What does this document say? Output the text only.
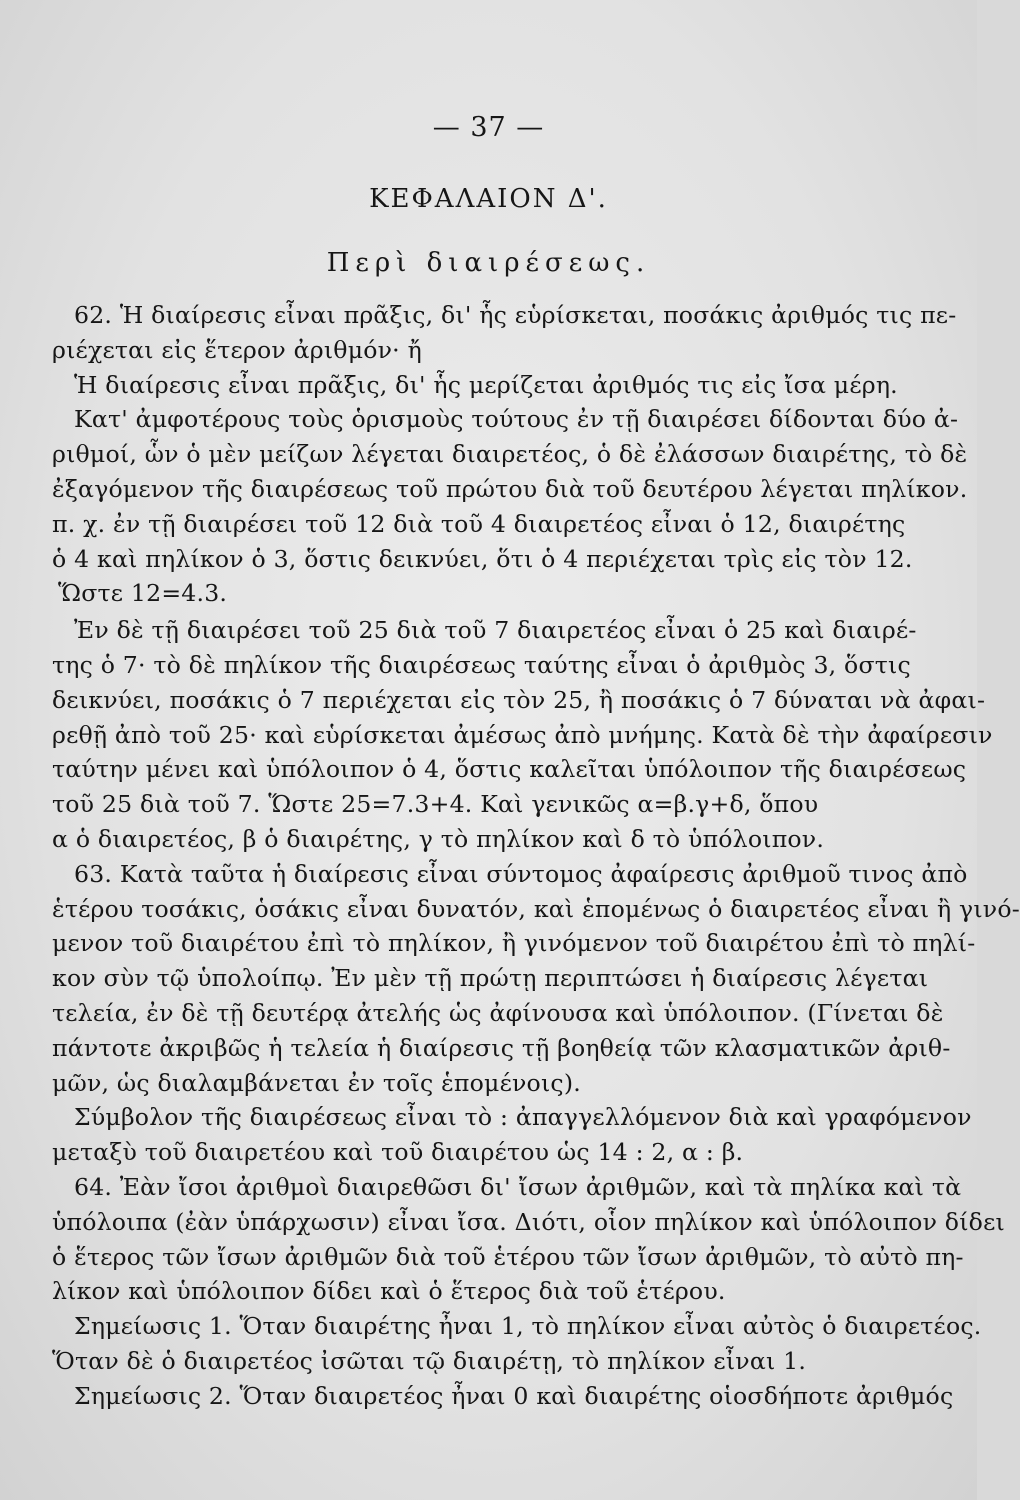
— 37 —
ΚΕΦΑΛΑΙΟΝ Δ'.
Περὶ διαιρέσεως.
62. Ἡ διαίρεσις εἶναι πρᾶξις, δι' ἧς εὑρίσκεται, ποσάκις ἀριθμός τις πε-
ριέχεται εἰς ἕτερον ἀριθμόν· ἤ
Ἡ διαίρεσις εἶναι πρᾶξις, δι' ἧς μερίζεται ἀριθμός τις εἰς ἴσα μέρη.
Κατ' ἀμφοτέρους τοὺς ὁρισμοὺς τούτους ἐν τῇ διαιρέσει δίδονται δύο ἀ-
ριθμοί, ὧν ὁ μὲν μείζων λέγεται διαιρετέος, ὁ δὲ ἐλάσσων διαιρέτης, τὸ δὲ
ἐξαγόμενον τῆς διαιρέσεως τοῦ πρώτου διὰ τοῦ δευτέρου λέγεται πηλίκον.
π. χ. ἐν τῇ διαιρέσει τοῦ 12 διὰ τοῦ 4 διαιρετέος εἶναι ὁ 12, διαιρέτης
ὁ 4 καὶ πηλίκον ὁ 3, ὅστις δεικνύει, ὅτι ὁ 4 περιέχεται τρὶς εἰς τὸν 12.
Ὥστε 12=4.3.
Ἐν δὲ τῇ διαιρέσει τοῦ 25 διὰ τοῦ 7 διαιρετέος εἶναι ὁ 25 καὶ διαιρέ-
της ὁ 7· τὸ δὲ πηλίκον τῆς διαιρέσεως ταύτης εἶναι ὁ ἀριθμὸς 3, ὅστις
δεικνύει, ποσάκις ὁ 7 περιέχεται εἰς τὸν 25, ἢ ποσάκις ὁ 7 δύναται νὰ ἀφαι-
ρεθῇ ἀπὸ τοῦ 25· καὶ εὑρίσκεται ἀμέσως ἀπὸ μνήμης. Κατὰ δὲ τὴν ἀφαίρεσιν
ταύτην μένει καὶ ὑπόλοιπον ὁ 4, ὅστις καλεῖται ὑπόλοιπον τῆς διαιρέσεως
τοῦ 25 διὰ τοῦ 7. Ὥστε 25=7.3+4. Καὶ γενικῶς α=β.γ+δ, ὅπου
α ὁ διαιρετέος, β ὁ διαιρέτης, γ τὸ πηλίκον καὶ δ τὸ ὑπόλοιπον.
63. Κατὰ ταῦτα ἡ διαίρεσις εἶναι σύντομος ἀφαίρεσις ἀριθμοῦ τινος ἀπὸ
ἑτέρου τοσάκις, ὁσάκις εἶναι δυνατόν, καὶ ἑπομένως ὁ διαιρετέος εἶναι ἢ γινό-
μενον τοῦ διαιρέτου ἐπὶ τὸ πηλίκον, ἢ γινόμενον τοῦ διαιρέτου ἐπὶ τὸ πηλί-
κον σὺν τῷ ὑπολοίπῳ. Ἐν μὲν τῇ πρώτῃ περιπτώσει ἡ διαίρεσις λέγεται
τελεία, ἐν δὲ τῇ δευτέρᾳ ἀτελής ὡς ἀφίνουσα καὶ ὑπόλοιπον. (Γίνεται δὲ
πάντοτε ἀκριβῶς ἡ τελεία ἡ διαίρεσις τῇ βοηθείᾳ τῶν κλασματικῶν ἀριθ-
μῶν, ὡς διαλαμβάνεται ἐν τοῖς ἑπομένοις).
Σύμβολον τῆς διαιρέσεως εἶναι τὸ : ἀπαγγελλόμενον διὰ καὶ γραφόμενον
μεταξὺ τοῦ διαιρετέου καὶ τοῦ διαιρέτου ὡς 14 : 2, α : β.
64. Ἐὰν ἴσοι ἀριθμοὶ διαιρεθῶσι δι' ἴσων ἀριθμῶν, καὶ τὰ πηλίκα καὶ τὰ
ὑπόλοιπα (ἐὰν ὑπάρχωσιν) εἶναι ἴσα. Διότι, οἷον πηλίκον καὶ ὑπόλοιπον δίδει
ὁ ἕτερος τῶν ἴσων ἀριθμῶν διὰ τοῦ ἑτέρου τῶν ἴσων ἀριθμῶν, τὸ αὐτὸ πη-
λίκον καὶ ὑπόλοιπον δίδει καὶ ὁ ἕτερος διὰ τοῦ ἑτέρου.
Σημείωσις 1. Ὅταν διαιρέτης ἦναι 1, τὸ πηλίκον εἶναι αὐτὸς ὁ διαιρετέος.
Ὅταν δὲ ὁ διαιρετέος ἰσῶται τῷ διαιρέτῃ, τὸ πηλίκον εἶναι 1.
Σημείωσις 2. Ὅταν διαιρετέος ἦναι 0 καὶ διαιρέτης οἱοσδήποτε ἀριθμός
